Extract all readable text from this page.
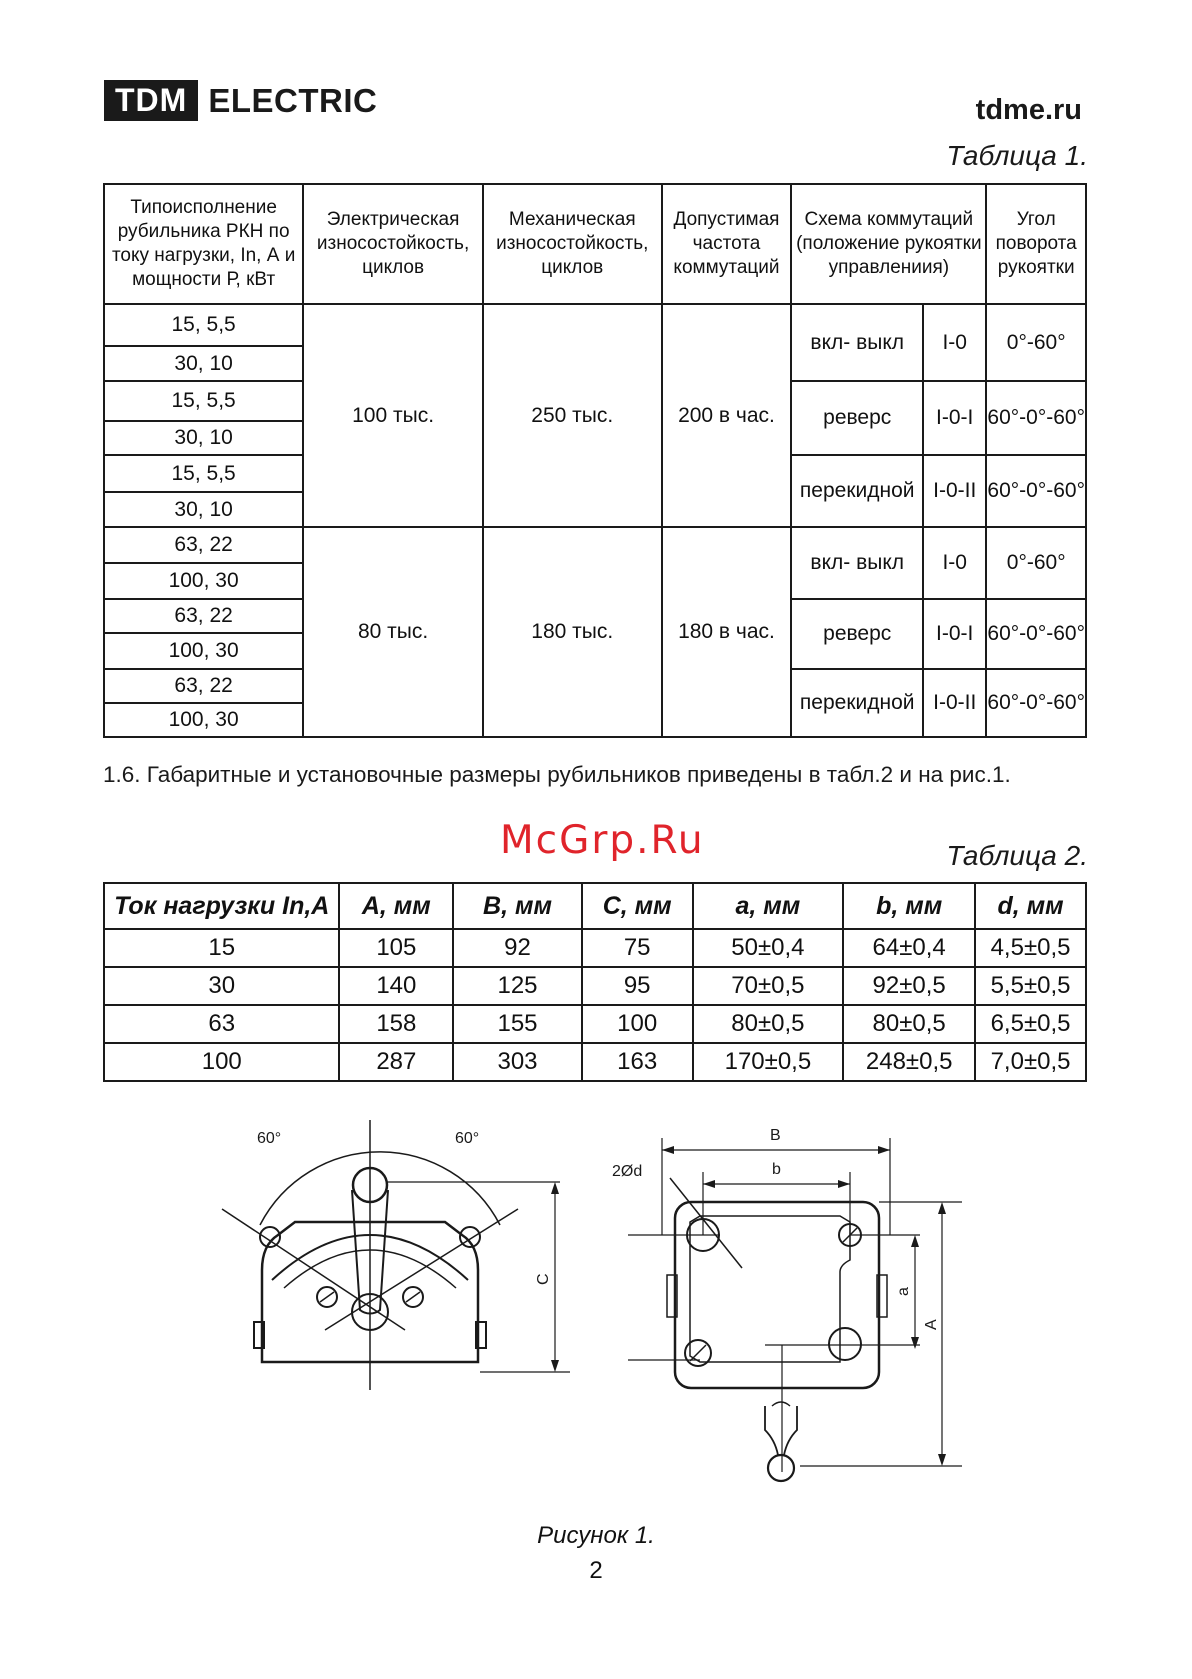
TDM ELECTRIC	tdme.ru
Таблица 1.
Типоисполнение рубильника РКН по току нагрузки, In, А и мощности Р, кВт	Электрическая износостойкость, циклов	Механическая износостойкость, циклов	Допустимая частота коммутаций	Схема коммутаций (положение рукоятки управлениия)		Угол поворота рукоятки
15, 5,5	100 тыс.	250 тыс.	200 в час.	вкл- выкл	I-0	0°-60°
30, 10						
15, 5,5				реверс	I-0-I	60°-0°-60°
30, 10						
15, 5,5				перекидной	I-0-II	60°-0°-60°
30, 10						
63, 22	80 тыс.	180 тыс.	180 в час.	вкл- выкл	I-0	0°-60°
100, 30						
63, 22				реверс	I-0-I	60°-0°-60°
100, 30						
63, 22				перекидной	I-0-II	60°-0°-60°
100, 30						
1.6. Габаритные и установочные размеры рубильников приведены в табл.2 и на рис.1.
McGrp.Ru	Таблица 2.
Ток нагрузки In,A	A, мм	B, мм	C, мм	a, мм	b, мм	d, мм
15	105	92	75	50±0,4	64±0,4	4,5±0,5
30	140	125	95	70±0,5	92±0,5	5,5±0,5
63	158	155	100	80±0,5	80±0,5	6,5±0,5
100	287	303	163	170±0,5	248±0,5	7,0±0,5
60°	60°
C
B
b
2Ød
a
A
Рисунок 1.
2
